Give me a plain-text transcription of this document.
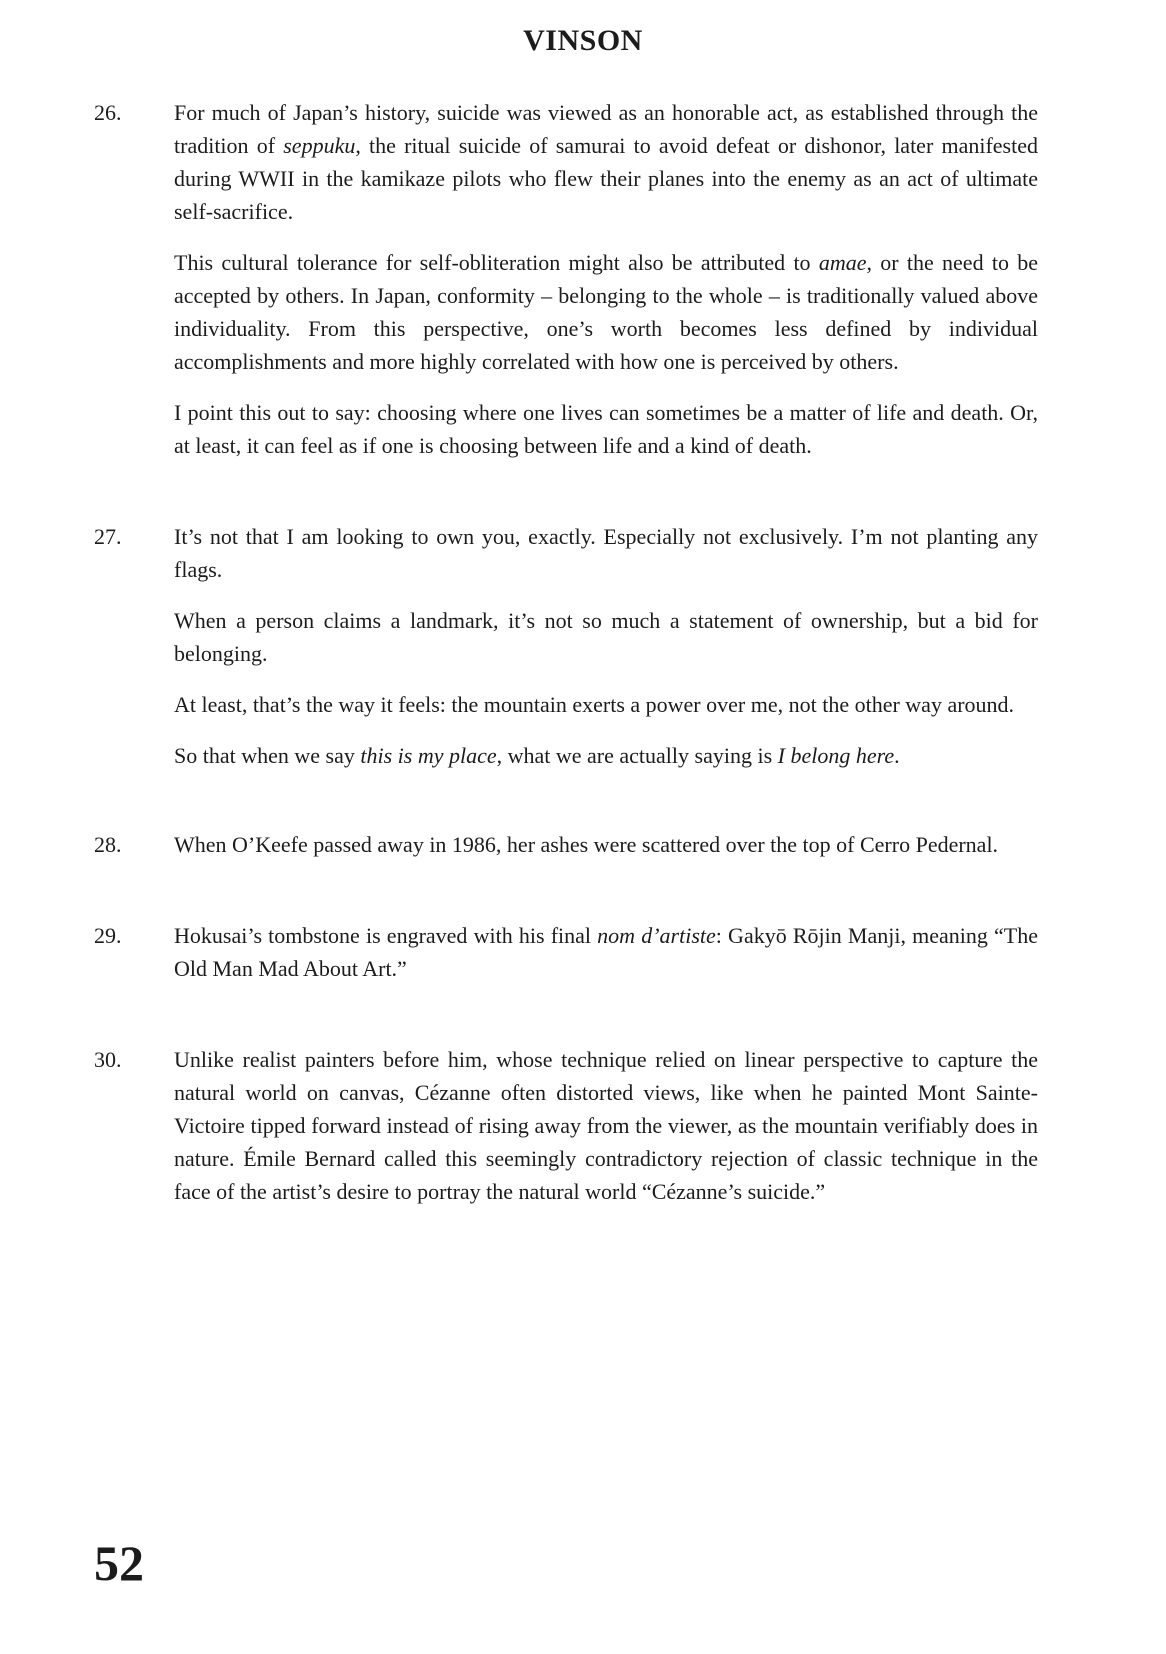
VINSON
26. For much of Japan’s history, suicide was viewed as an honorable act, as established through the tradition of seppuku, the ritual suicide of samurai to avoid defeat or dishonor, later manifested during WWII in the kamikaze pilots who flew their planes into the enemy as an act of ultimate self-sacrifice.

This cultural tolerance for self-obliteration might also be attributed to amae, or the need to be accepted by others. In Japan, conformity – belonging to the whole – is traditionally valued above individuality. From this perspective, one’s worth becomes less defined by individual accomplishments and more highly correlated with how one is perceived by others.

I point this out to say: choosing where one lives can sometimes be a matter of life and death. Or, at least, it can feel as if one is choosing between life and a kind of death.

27. It’s not that I am looking to own you, exactly. Especially not exclusively. I’m not planting any flags.

When a person claims a landmark, it’s not so much a statement of ownership, but a bid for belonging.

At least, that’s the way it feels: the mountain exerts a power over me, not the other way around.

So that when we say this is my place, what we are actually saying is I belong here.

28. When O’Keefe passed away in 1986, her ashes were scattered over the top of Cerro Pedernal.

29. Hokusai’s tombstone is engraved with his final nom d’artiste: Gakyō Rōjin Manji, meaning “The Old Man Mad About Art.”

30. Unlike realist painters before him, whose technique relied on linear perspective to capture the natural world on canvas, Cézanne often distorted views, like when he painted Mont Sainte-Victoire tipped forward instead of rising away from the viewer, as the mountain verifiably does in nature. Émile Bernard called this seemingly contradictory rejection of classic technique in the face of the artist’s desire to portray the natural world “Cézanne’s suicide.”

52
